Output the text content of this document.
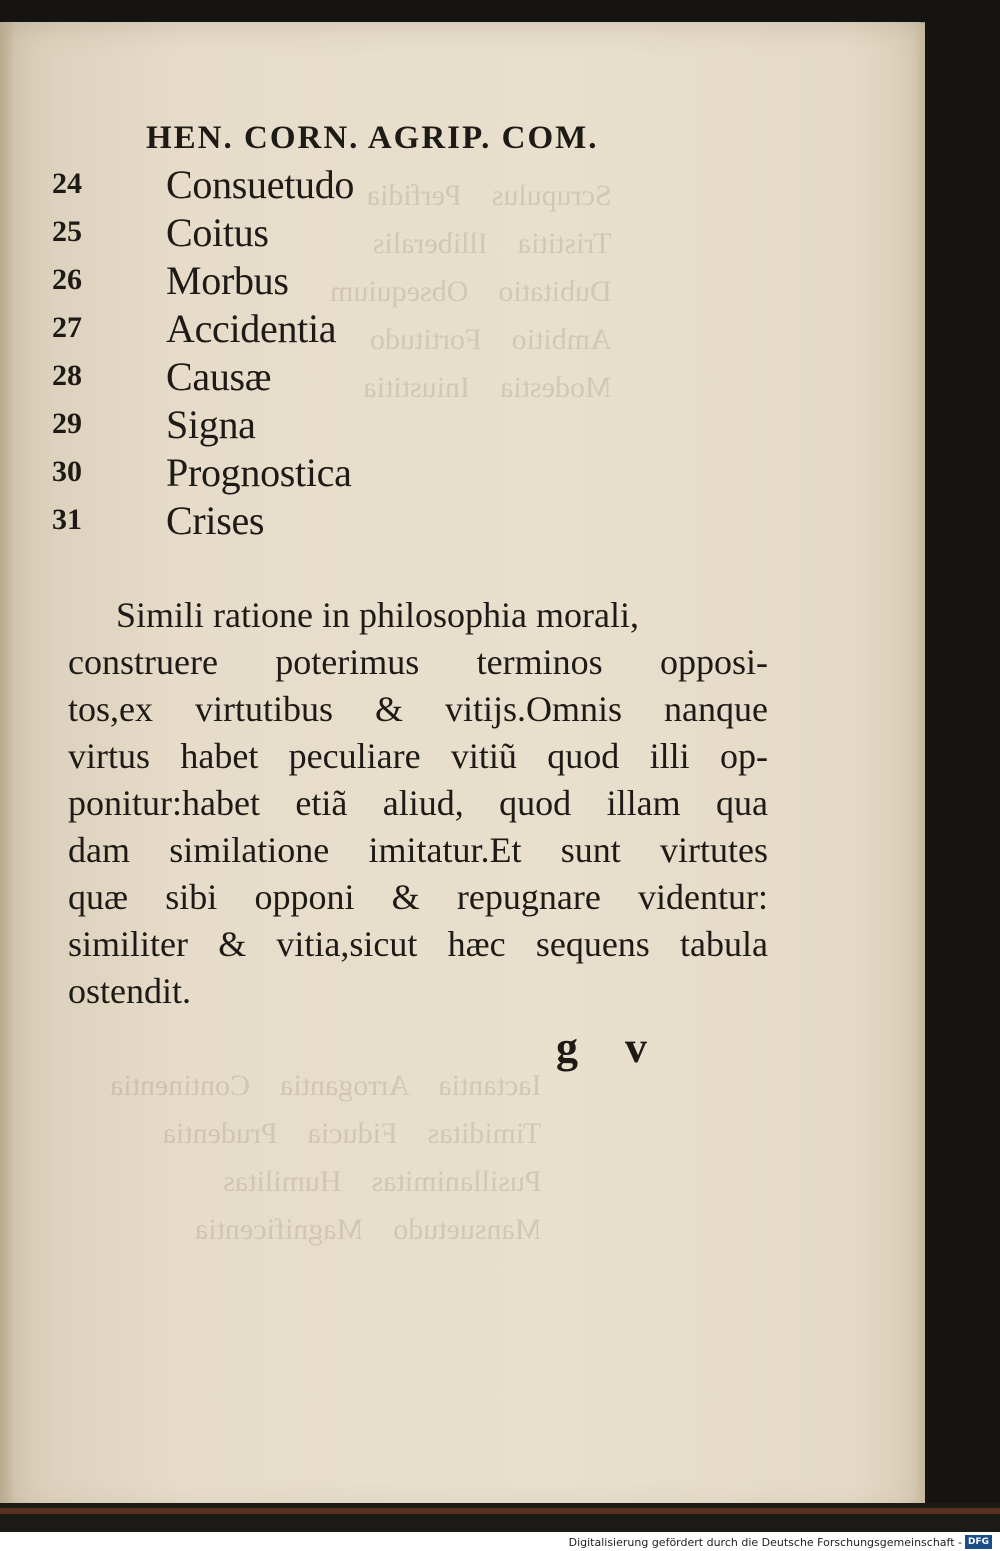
Scrupulus    Perfidia
Tristitia    Illiberalis
Dubitatio    Obsequium
Ambitio    Fortitudo
Modestia    Iniustitia
Iactantia    Arrogantia    Continentia
Timiditas    Fiducia    Prudentia
Pusillanimitas    Humilitas
Mansuetudo    Magnificentia
HEN. CORN. AGRIP. COM.
24	Consuetudo
25	Coitus
26	Morbus
27	Accidentia
28	Causæ
29	Signa
30	Prognostica
31	Crises

Simili ratione in philosophia morali,
construere poterimus terminos opposi-
tos,ex virtutibus & vitijs.Omnis nanque
virtus habet peculiare vitiũ quod illi op-
ponitur:habet etiã aliud, quod illam qua
dam similatione imitatur.Et sunt virtutes
quæ sibi opponi & repugnare videntur:
similiter & vitia,sicut hæc sequens tabula
ostendit.

g v
Digitalisierung gefördert durch die Deutsche Forschungsgemeinschaft - DFG
